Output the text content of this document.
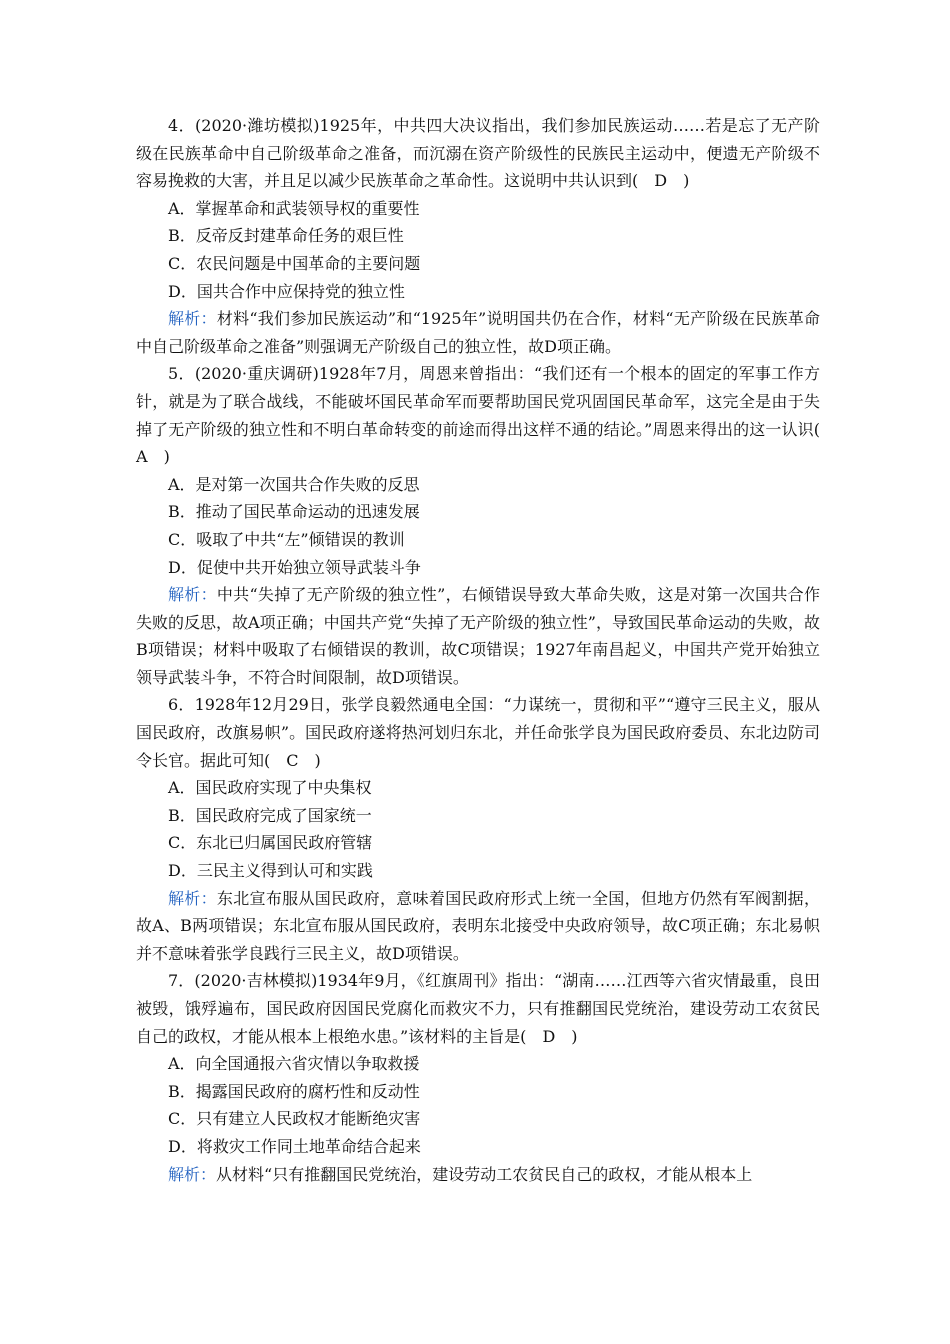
4．(2020·潍坊模拟)1925年，中共四大决议指出，我们参加民族运动……若是忘了无产阶级在民族革命中自己阶级革命之准备，而沉溺在资产阶级性的民族民主运动中，便遗无产阶级不容易挽救的大害，并且足以减少民族革命之革命性。这说明中共认识到(　 D　)

A．掌握革命和武装领导权的重要性

B．反帝反封建革命任务的艰巨性

C．农民问题是中国革命的主要问题

D．国共合作中应保持党的独立性

解析：材料“我们参加民族运动”和“1925年”说明国共仍在合作，材料“无产阶级在民族革命中自己阶级革命之准备”则强调无产阶级自己的独立性，故D项正确。

5．(2020·重庆调研)1928年7月，周恩来曾指出：“我们还有一个根本的固定的军事工作方针，就是为了联合战线，不能破坏国民革命军而要帮助国民党巩固国民革命军，这完全是由于失掉了无产阶级的独立性和不明白革命转变的前途而得出这样不通的结论。”周恩来得出的这一认识(　A　)

A．是对第一次国共合作失败的反思

B．推动了国民革命运动的迅速发展

C．吸取了中共“左”倾错误的教训

D．促使中共开始独立领导武装斗争

解析：中共“失掉了无产阶级的独立性”，右倾错误导致大革命失败，这是对第一次国共合作失败的反思，故A项正确；中国共产党“失掉了无产阶级的独立性”，导致国民革命运动的失败，故B项错误；材料中吸取了右倾错误的教训，故C项错误；1927年南昌起义，中国共产党开始独立领导武装斗争，不符合时间限制，故D项错误。

6．1928年12月29日，张学良毅然通电全国：“力谋统一，贯彻和平”“遵守三民主义，服从国民政府，改旗易帜”。国民政府遂将热河划归东北，并任命张学良为国民政府委员、东北边防司令长官。据此可知(　 C　)

A．国民政府实现了中央集权

B．国民政府完成了国家统一

C．东北已归属国民政府管辖

D．三民主义得到认可和实践

解析：东北宣布服从国民政府，意味着国民政府形式上统一全国，但地方仍然有军阀割据，故A、B两项错误；东北宣布服从国民政府，表明东北接受中央政府领导，故C项正确；东北易帜并不意味着张学良践行三民主义，故D项错误。

7．(2020·吉林模拟)1934年9月，《红旗周刊》指出：“湖南……江西等六省灾情最重，良田被毁，饿殍遍布，国民政府因国民党腐化而救灾不力，只有推翻国民党统治，建设劳动工农贫民自己的政权，才能从根本上根绝水患。”该材料的主旨是(　 D　)

A．向全国通报六省灾情以争取救援

B．揭露国民政府的腐朽性和反动性

C．只有建立人民政权才能断绝灾害

D．将救灾工作同土地革命结合起来

解析：从材料“只有推翻国民党统治，建设劳动工农贫民自己的政权，才能从根本上
